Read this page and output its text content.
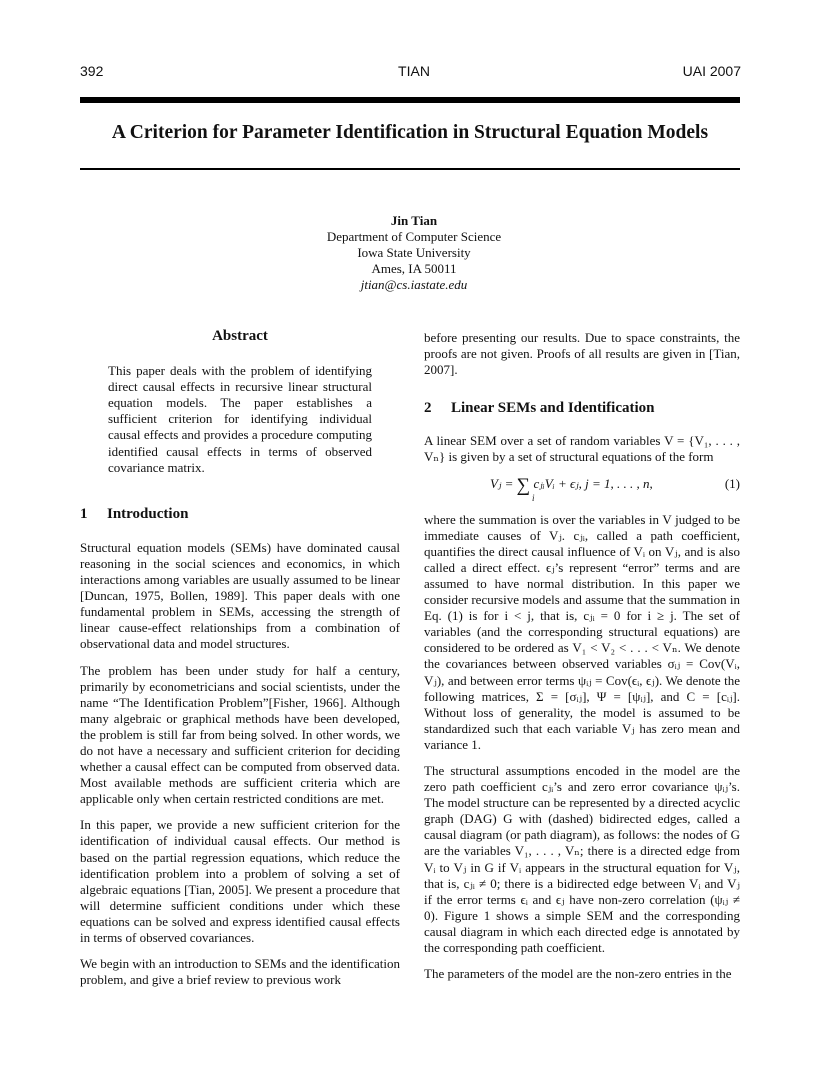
392	TIAN	UAI 2007
A Criterion for Parameter Identification in Structural Equation Models
Jin Tian
Department of Computer Science
Iowa State University
Ames, IA 50011
jtian@cs.iastate.edu
Abstract

This paper deals with the problem of identifying direct causal effects in recursive linear structural equation models. The paper establishes a sufficient criterion for identifying individual causal effects and provides a procedure computing identified causal effects in terms of observed covariance matrix.

1 Introduction

Structural equation models (SEMs) have dominated causal reasoning in the social sciences and economics, in which interactions among variables are usually assumed to be linear [Duncan, 1975, Bollen, 1989]. This paper deals with one fundamental problem in SEMs, accessing the strength of linear cause-effect relationships from a combination of observational data and model structures.

The problem has been under study for half a century, primarily by econometricians and social scientists, under the name “The Identification Problem”[Fisher, 1966]. Although many algebraic or graphical methods have been developed, the problem is still far from being solved. In other words, we do not have a necessary and sufficient criterion for deciding whether a causal effect can be computed from observed data. Most available methods are sufficient criteria which are applicable only when certain restricted conditions are met.

In this paper, we provide a new sufficient criterion for the identification of individual causal effects. Our method is based on the partial regression equations, which reduce the identification problem into a problem of solving a set of algebraic equations [Tian, 2005]. We present a procedure that will determine sufficient conditions under which these equations can be solved and express identified causal effects in terms of observed covariances.

We begin with an introduction to SEMs and the identification problem, and give a brief review to previous work

before presenting our results. Due to space constraints, the proofs are not given. Proofs of all results are given in [Tian, 2007].

2 Linear SEMs and Identification

A linear SEM over a set of random variables V = {V₁, . . . , Vₙ} is given by a set of structural equations of the form

Vⱼ = ∑ cⱼᵢVᵢ + ϵⱼ, j = 1, . . . , n,
i
(1)

where the summation is over the variables in V judged to be immediate causes of Vⱼ. cⱼᵢ, called a path coefficient, quantifies the direct causal influence of Vᵢ on Vⱼ, and is also called a direct effect. ϵⱼ’s represent “error” terms and are assumed to have normal distribution. In this paper we consider recursive models and assume that the summation in Eq. (1) is for i < j, that is, cⱼᵢ = 0 for i ≥ j. The set of variables (and the corresponding structural equations) are considered to be ordered as V₁ < V₂ < . . . < Vₙ. We denote the covariances between observed variables σᵢⱼ = Cov(Vᵢ, Vⱼ), and between error terms ψᵢⱼ = Cov(ϵᵢ, ϵⱼ). We denote the following matrices, Σ = [σᵢⱼ], Ψ = [ψᵢⱼ], and C = [cᵢⱼ]. Without loss of generality, the model is assumed to be standardized such that each variable Vⱼ has zero mean and variance 1.

The structural assumptions encoded in the model are the zero path coefficient cⱼᵢ’s and zero error covariance ψᵢⱼ’s. The model structure can be represented by a directed acyclic graph (DAG) G with (dashed) bidirected edges, called a causal diagram (or path diagram), as follows: the nodes of G are the variables V₁, . . . , Vₙ; there is a directed edge from Vᵢ to Vⱼ in G if Vᵢ appears in the structural equation for Vⱼ, that is, cⱼᵢ ≠ 0; there is a bidirected edge between Vᵢ and Vⱼ if the error terms ϵᵢ and ϵⱼ have non-zero correlation (ψᵢⱼ ≠ 0). Figure 1 shows a simple SEM and the corresponding causal diagram in which each directed edge is annotated by the corresponding path coefficient.

The parameters of the model are the non-zero entries in the
